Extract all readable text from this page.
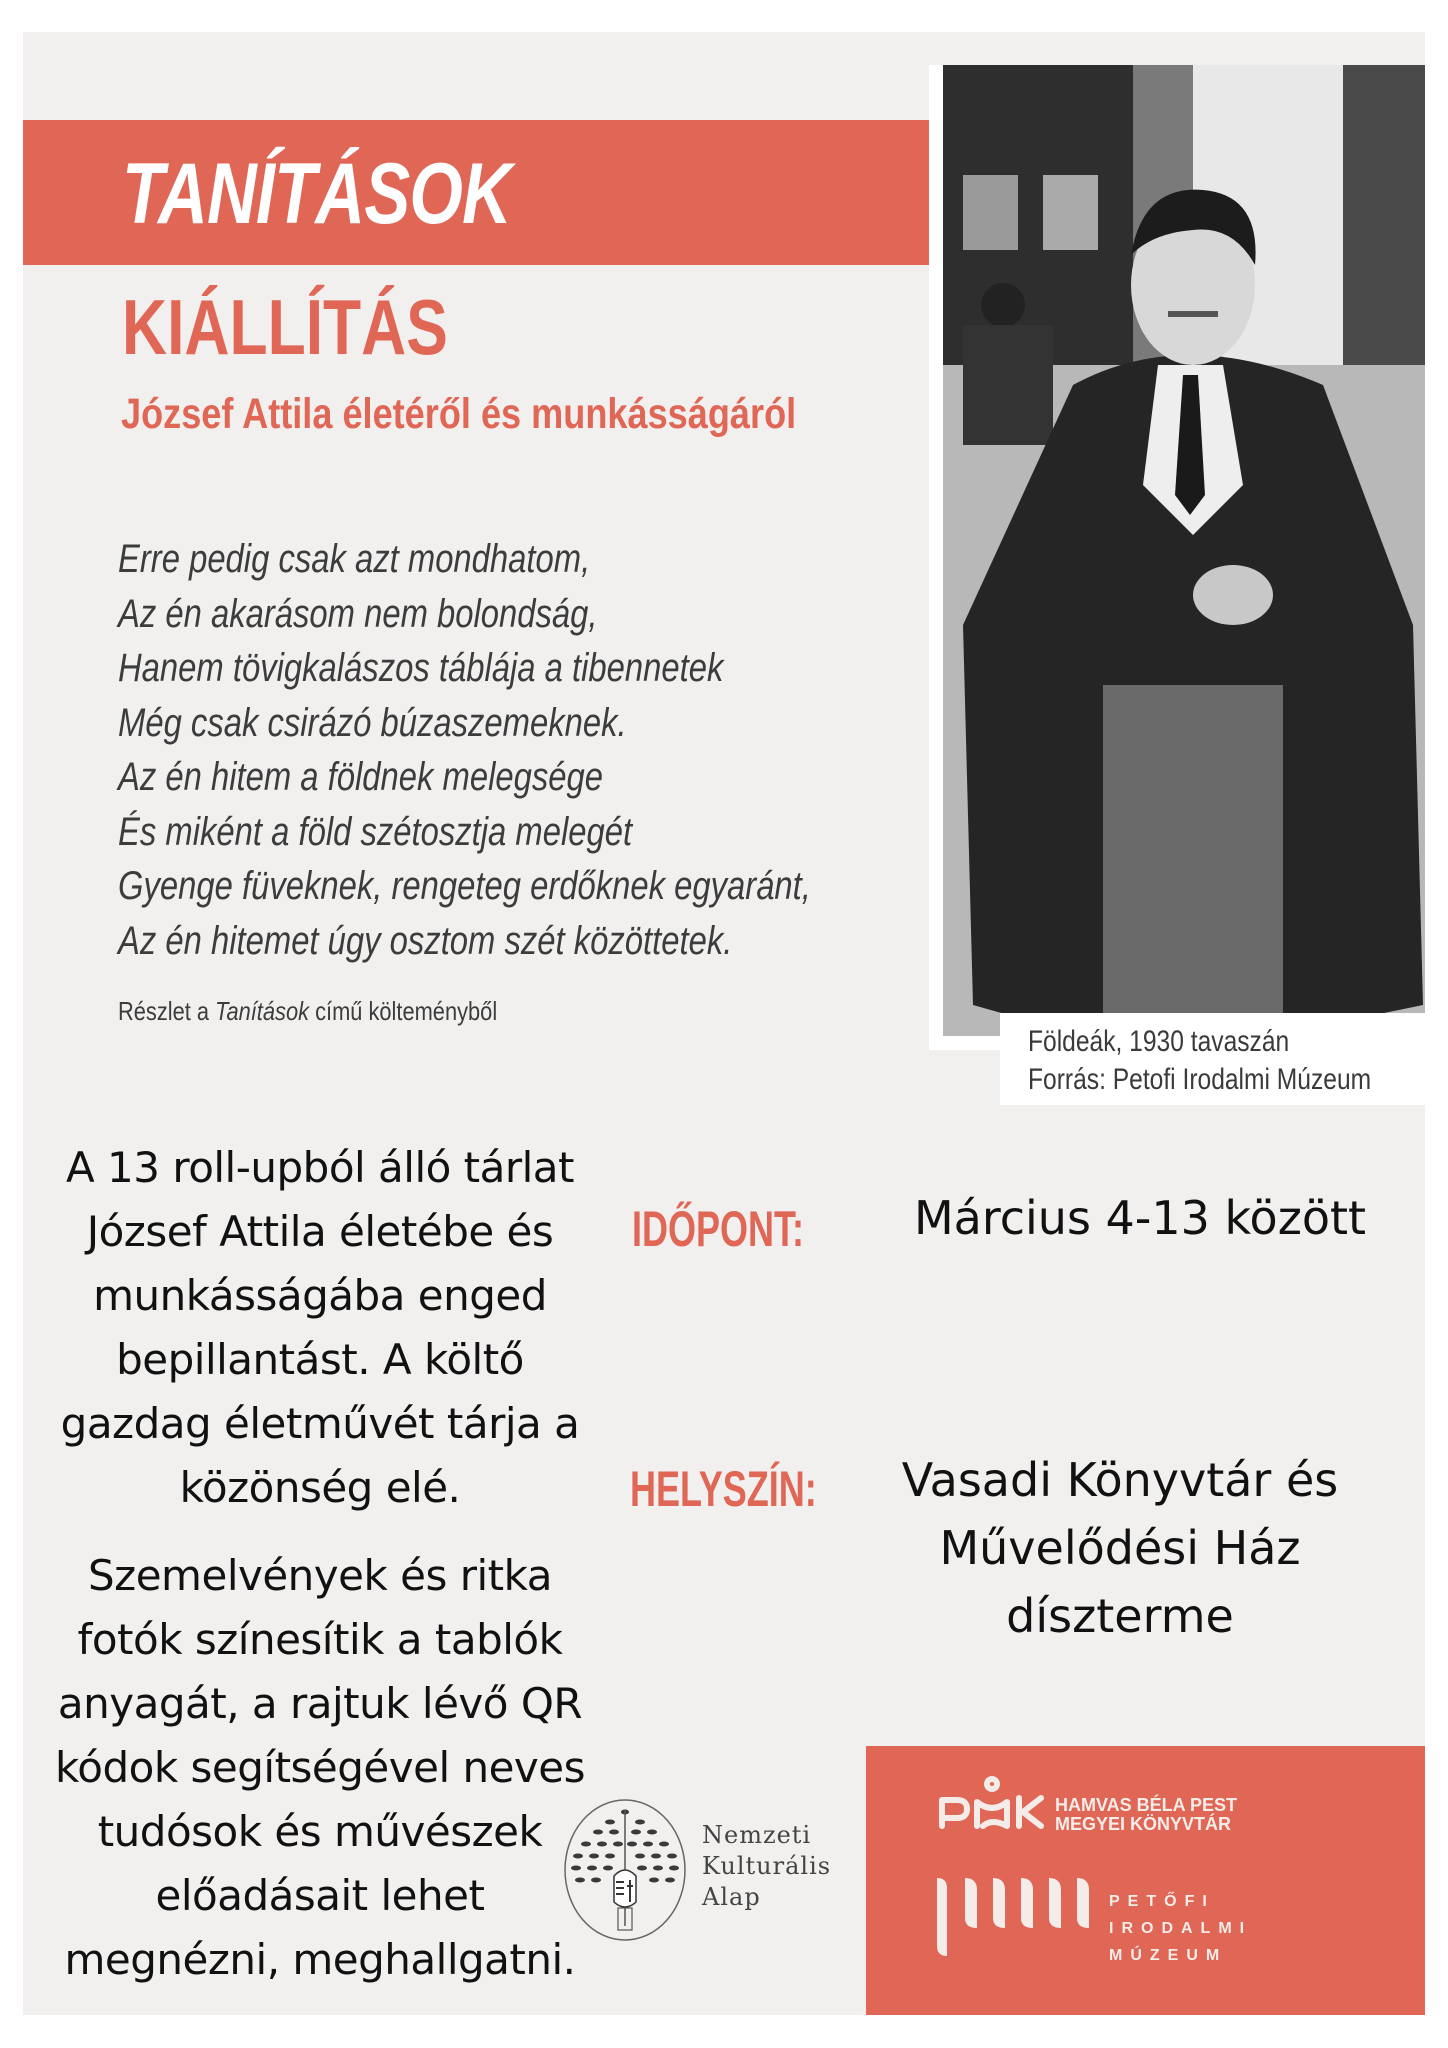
TANÍTÁSOK
KIÁLLÍTÁS
József Attila életéről és munkásságáról
Erre pedig csak azt mondhatom,
Az én akarásom nem bolondság,
Hanem tövigkalászos táblája a tibennetek
Még csak csirázó búzaszemeknek.
Az én hitem a földnek melegsége
És miként a föld szétosztja melegét
Gyenge füveknek, rengeteg erdőknek egyaránt,
Az én hitemet úgy osztom szét közöttetek.
Részlet a Tanítások című költeményből
Földeák, 1930 tavaszán
Forrás: Petofi Irodalmi Múzeum

A 13 roll-upból álló tárlat
József Attila életébe és
munkásságába enged
bepillantást. A költő
gazdag életművét tárja a
közönség elé.

Szemelvények és ritka
fotók színesítik a tablók
anyagát, a rajtuk lévő QR
kódok segítségével neves
tudósok és művészek
előadásait lehet
megnézni, meghallgatni.

IDŐPONT:	Március 4-13 között
HELYSZÍN:	Vasadi Könyvtár és
Művelődési Ház
díszterme
Nemzeti
Kulturális
Alap
HAMVAS BÉLA PEST
MEGYEI KÖNYVTÁR
PETŐFI
IRODALMI
MÚZEUM
